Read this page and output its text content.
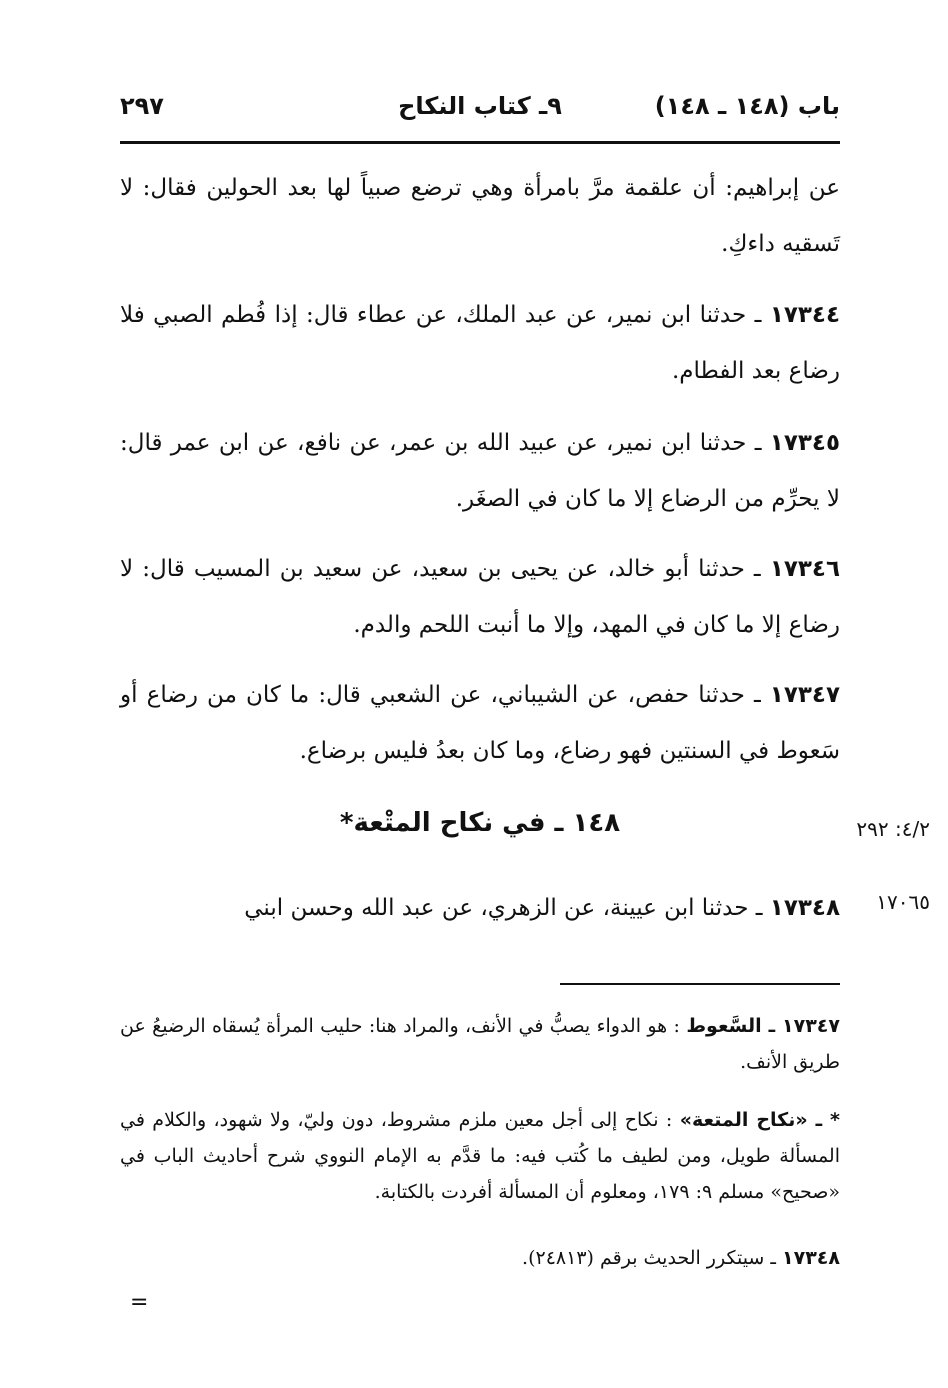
باب (١٤٨ ـ ١٤٨)
٩ـ كتاب النكاح
٢٩٧
عن إبراهيم: أن علقمة مرَّ بامرأة وهي ترضع صبياً لها بعد الحولين فقال: لا تَسقيه داءكِ.
١٧٣٤٤ ـ حدثنا ابن نمير، عن عبد الملك، عن عطاء قال: إذا فُطم الصبي فلا رضاع بعد الفطام.
١٧٣٤٥ ـ حدثنا ابن نمير، عن عبيد الله بن عمر، عن نافع، عن ابن عمر قال: لا يحرِّم من الرضاع إلا ما كان في الصغَر.
١٧٣٤٦ ـ حدثنا أبو خالد، عن يحيى بن سعيد، عن سعيد بن المسيب قال: لا رضاع إلا ما كان في المهد، وإلا ما أنبت اللحم والدم.
١٧٣٤٧ ـ حدثنا حفص، عن الشيباني، عن الشعبي قال: ما كان من رضاع أو سَعوط في السنتين فهو رضاع، وما كان بعدُ فليس برضاع.
١٤٨ ـ في نكاح المتْعة*	٤/٢: ٢٩٢
١٧٣٤٨ ـ حدثنا ابن عيينة، عن الزهري، عن عبد الله وحسن ابني	١٧٠٦٥
١٧٣٤٧ ـ السَّعوط : هو الدواء يصبُّ في الأنف، والمراد هنا: حليب المرأة يُسقاه الرضيعُ عن طريق الأنف.
* ـ «نكاح المتعة» : نكاح إلى أجل معين ملزم مشروط، دون وليّ، ولا شهود، والكلام في المسألة طويل، ومن لطيف ما كُتب فيه: ما قدَّم به الإمام النووي شرح أحاديث الباب في «صحيح» مسلم ٩: ١٧٩، ومعلوم أن المسألة أفردت بالكتابة.
١٧٣٤٨ ـ سيتكرر الحديث برقم (٢٤٨١٣).
=
